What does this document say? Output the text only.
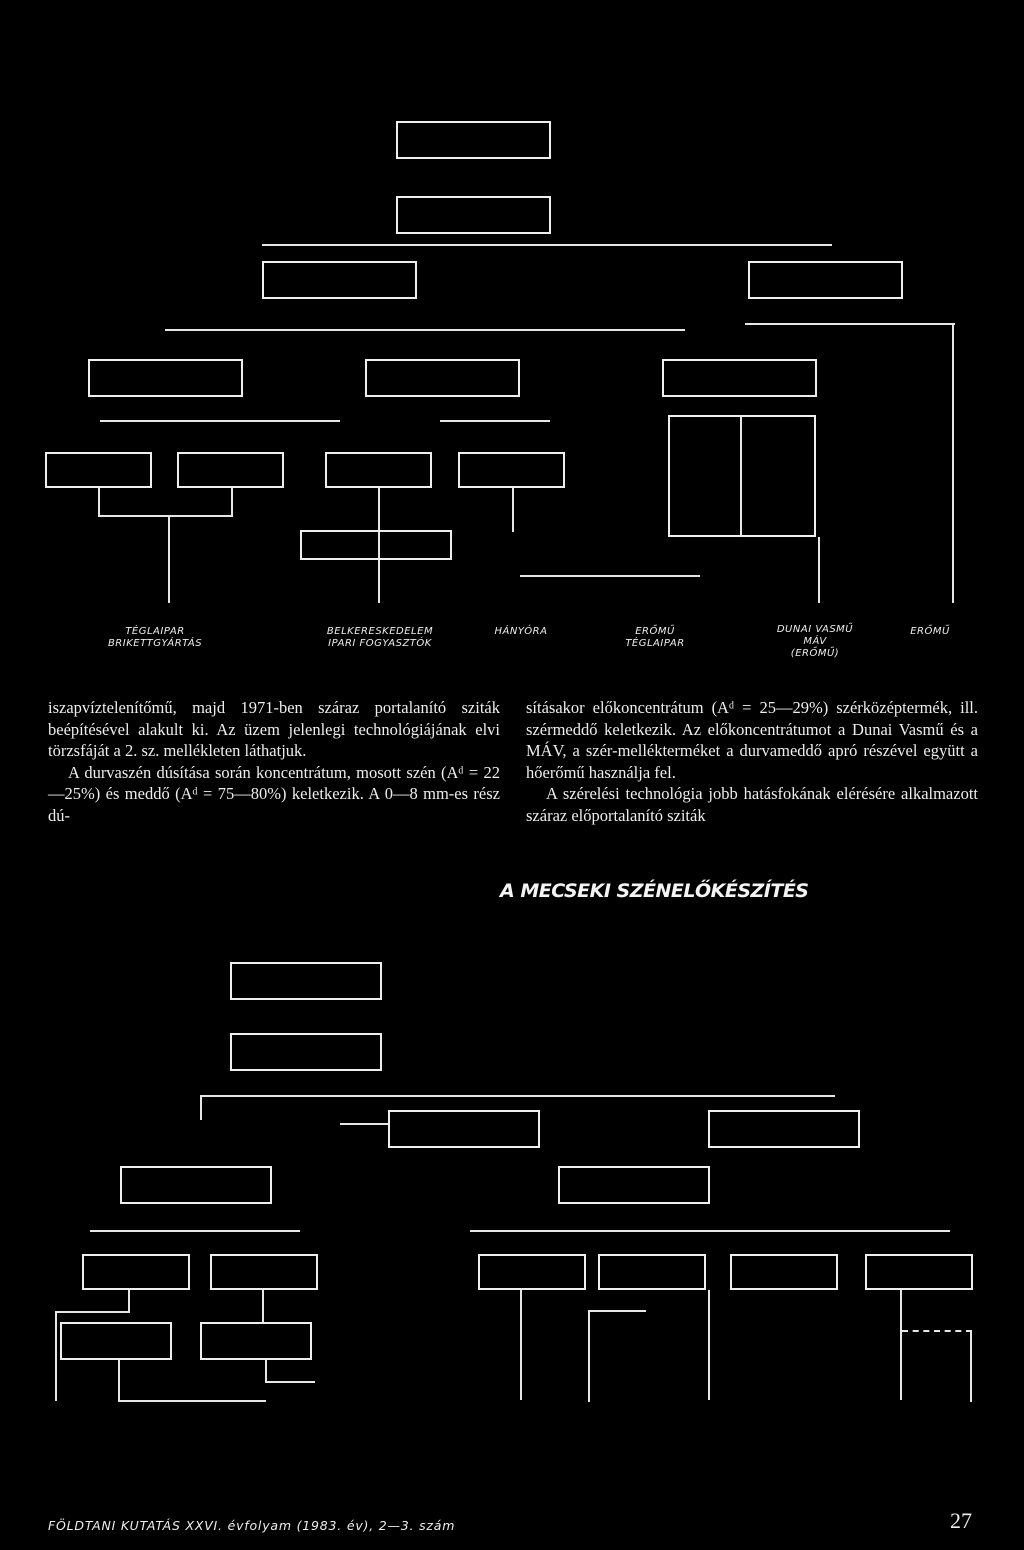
TÉGLAIPAR
BRIKETTGYÁRTÁS
BELKERESKEDELEM
IPARI FOGYASZTÓK
HÁNYÓRA	ERŐMŰ
TÉGLAIPAR
DUNAI VASMŰ
MÁV
(ERŐMŰ)
ERŐMŰ

iszapvíztelenítőmű, majd 1971-ben száraz portalanító sziták beépítésével alakult ki. Az üzem jelenlegi technológiájának elvi törzsfáját a 2. sz. mellékleten láthatjuk.

A durvaszén dúsítása során koncentrátum, mosott szén (Aᵈ = 22—25%) és meddő (Aᵈ = 75—80%) keletkezik. A 0—8 mm-es rész dú-

sításakor előkoncentrátum (Aᵈ = 25—29%) szérközéptermék, ill. szérmeddő keletkezik. Az előkoncentrátumot a Dunai Vasmű és a MÁV, a szér-mellékterméket a durvameddő apró részével együtt a hőerőmű használja fel.

A szérelési technológia jobb hatásfokának elérésére alkalmazott száraz előportalanító sziták

A MECSEKI SZÉNELŐKÉSZÍTÉS
FÖLDTANI KUTATÁS XXVI. évfolyam (1983. év), 2—3. szám	27
